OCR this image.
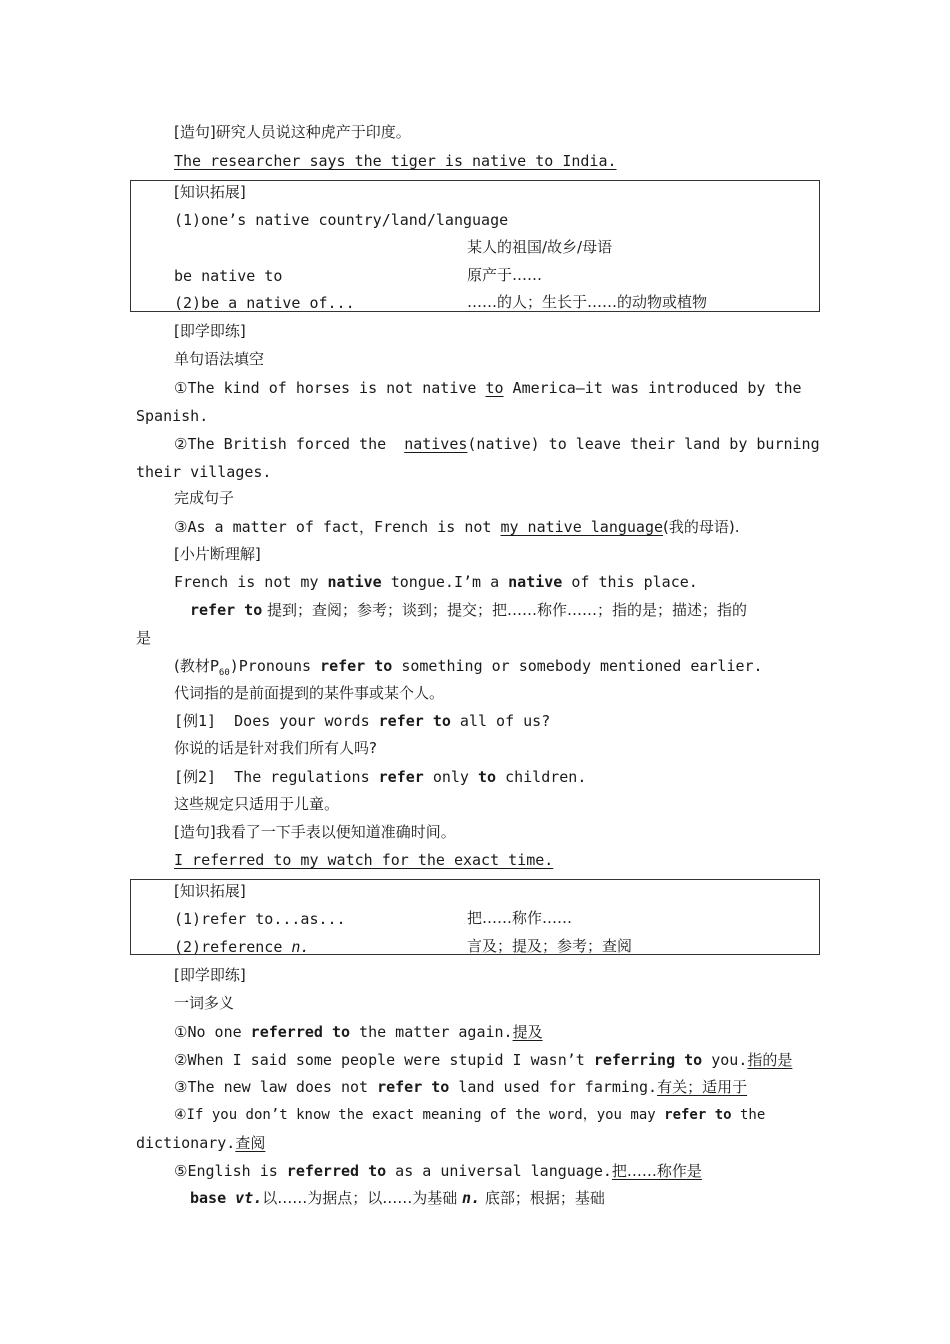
[造句]研究人员说这种虎产于印度。
The researcher says the tiger is native to India.
[知识拓展]
(1)one’s native country/land/language
某人的祖国/故乡/母语
be native to	原产于……
(2)be a native of...	……的人；生长于……的动物或植物
[即学即练]
单句语法填空
①The kind of horses is not native to America—it was introduced by the
Spanish.
②The British forced the  natives(native) to leave their land by burning
their villages.
完成句子
③As a matter of fact，French is not my native language(我的母语).
[小片断理解]
French is not my native tongue.I’m a native of this place.
refer to 提到；查阅；参考；谈到；提交；把……称作……；指的是；描述；指的
是
(教材$P_{60})Pronouns$ refer to something or somebody mentioned earlier.
代词指的是前面提到的某件事或某个人。
[例1]  Does your words refer to all of us?
你说的话是针对我们所有人吗?
[例2]  The regulations refer only to children.
这些规定只适用于儿童。
[造句]我看了一下手表以便知道准确时间。
I referred to my watch for the exact time.
[知识拓展]
(1)refer to...as...	把……称作……
(2)reference n.	言及；提及；参考；查阅
[即学即练]
一词多义
①No one referred to the matter again.提及
②When I said some people were stupid I wasn’t referring to you.指的是
③The new law does not refer to land used for farming.有关；适用于
④If you don’t know the exact meaning of the word，you may refer to the
dictionary.查阅
⑤English is referred to as a universal language.把……称作是
base vt.以……为据点；以……为基础 n. 底部；根据；基础
